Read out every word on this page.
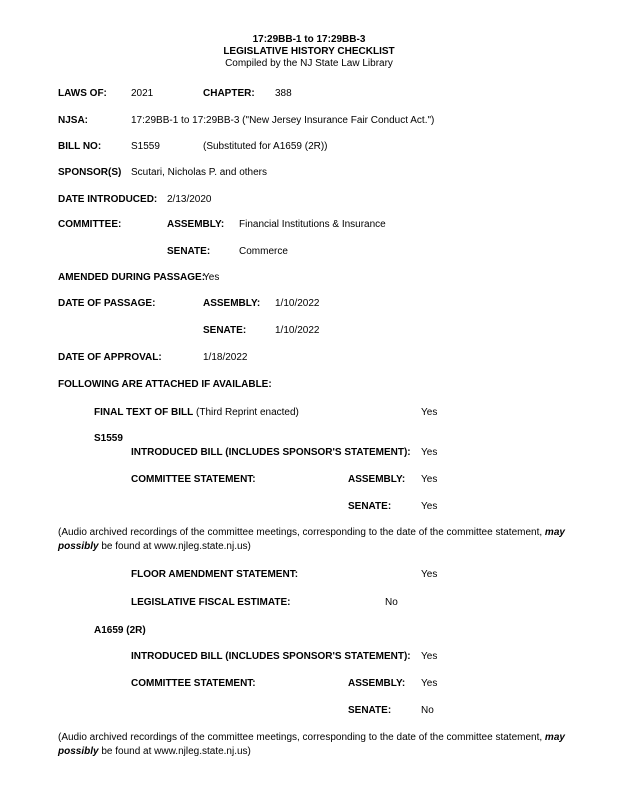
17:29BB-1 to 17:29BB-3
LEGISLATIVE HISTORY CHECKLIST
Compiled by the NJ State Law Library
LAWS OF: 2021	CHAPTER: 388
NJSA:	17:29BB-1 to 17:29BB-3 ("New Jersey Insurance Fair Conduct Act.")
BILL NO:	S1559	(Substituted for A1659 (2R))
SPONSOR(S) Scutari, Nicholas P. and others
DATE INTRODUCED: 2/13/2020
COMMITTEE:	ASSEMBLY: Financial Institutions & Insurance
SENATE:	Commerce
AMENDED DURING PASSAGE:
Yes
DATE OF PASSAGE:	ASSEMBLY: 1/10/2022
SENATE:	1/10/2022
DATE OF APPROVAL:	1/18/2022
FOLLOWING ARE ATTACHED IF AVAILABLE:
FINAL TEXT OF BILL (Third Reprint enacted)	Yes
S1559
INTRODUCED BILL (INCLUDES SPONSOR'S STATEMENT): Yes
COMMITTEE STATEMENT:	ASSEMBLY: Yes
SENATE:	Yes
(Audio archived recordings of the committee meetings, corresponding to the date of the committee statement, may possibly be found at www.njleg.state.nj.us)
FLOOR AMENDMENT STATEMENT:	Yes
LEGISLATIVE FISCAL ESTIMATE:	No
A1659 (2R)
INTRODUCED BILL (INCLUDES SPONSOR'S STATEMENT): Yes
COMMITTEE STATEMENT:	ASSEMBLY: Yes
SENATE:	No
(Audio archived recordings of the committee meetings, corresponding to the date of the committee statement, may possibly be found at www.njleg.state.nj.us)
